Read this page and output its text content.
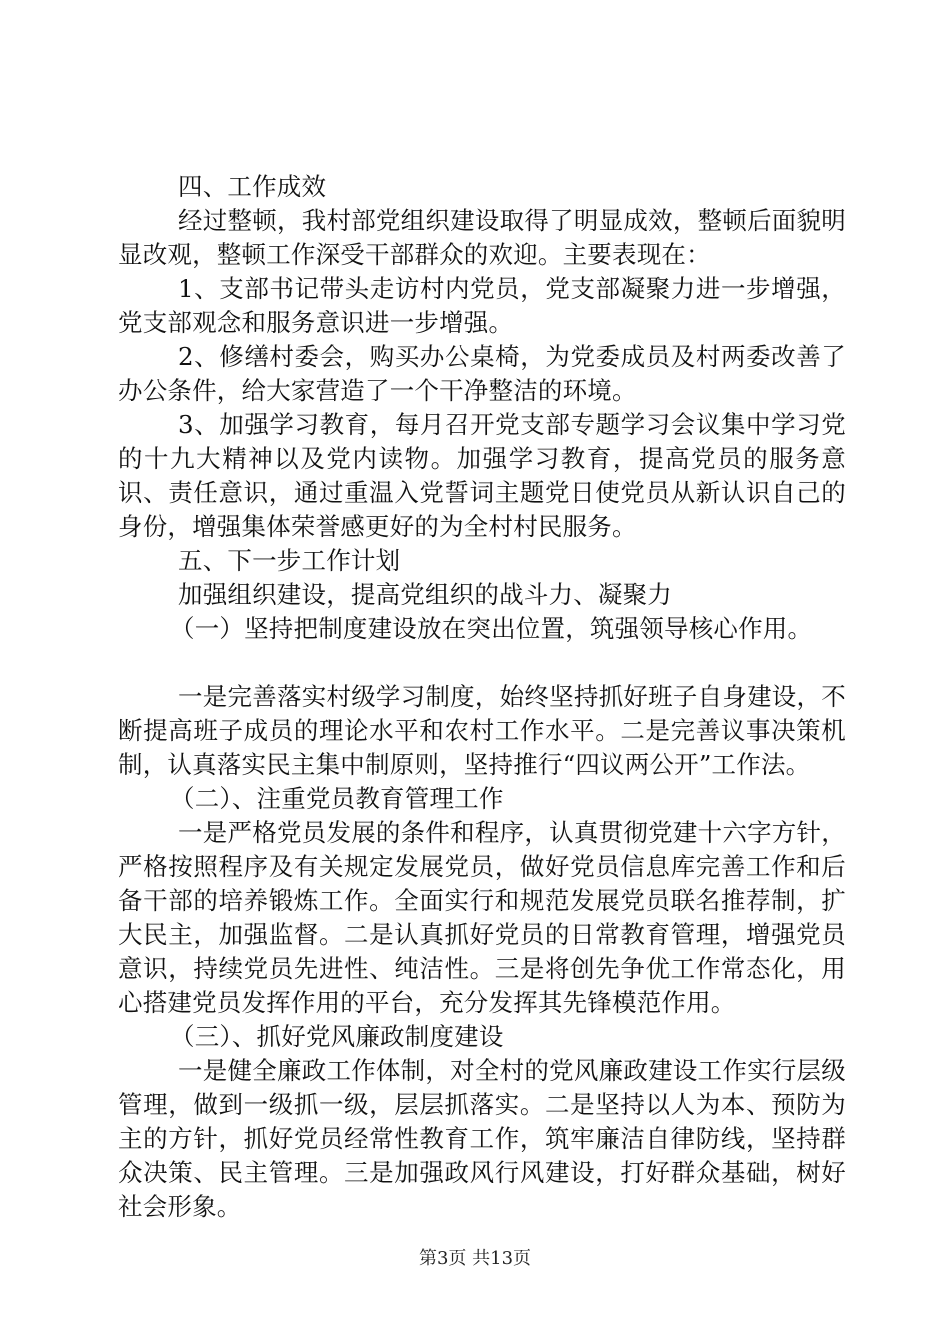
四、工作成效

经过整顿，我村部党组织建设取得了明显成效，整顿后面貌明显改观，整顿工作深受干部群众的欢迎。主要表现在：

1、支部书记带头走访村内党员，党支部凝聚力进一步增强，党支部观念和服务意识进一步增强。

2、修缮村委会，购买办公桌椅，为党委成员及村两委改善了办公条件，给大家营造了一个干净整洁的环境。

3、加强学习教育，每月召开党支部专题学习会议集中学习党的十九大精神以及党内读物。加强学习教育，提高党员的服务意识、责任意识，通过重温入党誓词主题党日使党员从新认识自己的身份，增强集体荣誉感更好的为全村村民服务。

五、下一步工作计划

加强组织建设，提高党组织的战斗力、凝聚力

（一）坚持把制度建设放在突出位置，筑强领导核心作用。

一是完善落实村级学习制度，始终坚持抓好班子自身建设，不断提高班子成员的理论水平和农村工作水平。二是完善议事决策机制，认真落实民主集中制原则，坚持推行“四议两公开”工作法。

（二）、注重党员教育管理工作

一是严格党员发展的条件和程序，认真贯彻党建十六字方针，严格按照程序及有关规定发展党员，做好党员信息库完善工作和后备干部的培养锻炼工作。全面实行和规范发展党员联名推荐制，扩大民主，加强监督。二是认真抓好党员的日常教育管理，增强党员意识，持续党员先进性、纯洁性。三是将创先争优工作常态化，用心搭建党员发挥作用的平台，充分发挥其先锋模范作用。

（三）、抓好党风廉政制度建设

一是健全廉政工作体制，对全村的党风廉政建设工作实行层级管理，做到一级抓一级，层层抓落实。二是坚持以人为本、预防为主的方针，抓好党员经常性教育工作，筑牢廉洁自律防线，坚持群众决策、民主管理。三是加强政风行风建设，打好群众基础，树好社会形象。

第3页 共13页
